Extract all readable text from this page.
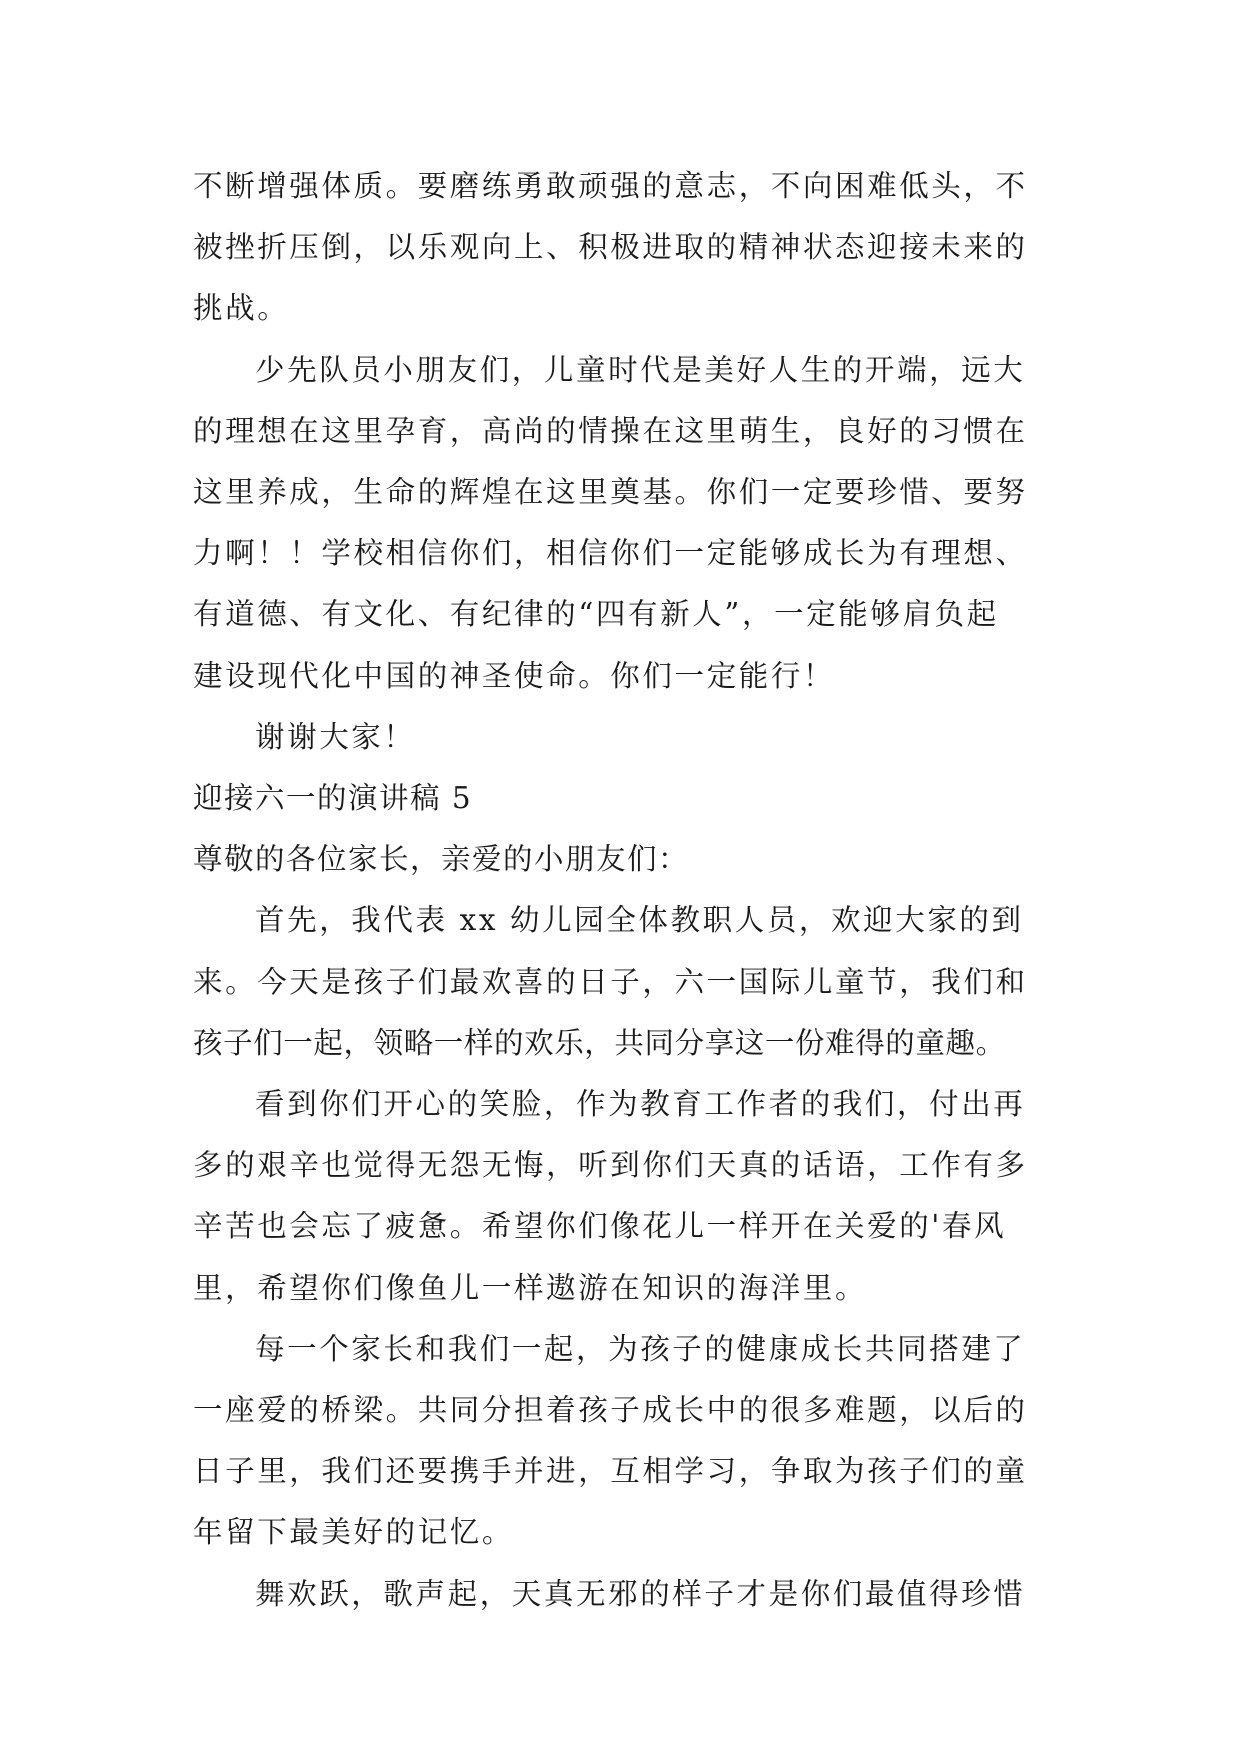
不断增强体质。要磨练勇敢顽强的意志，不向困难低头，不
被挫折压倒，以乐观向上、积极进取的精神状态迎接未来的
挑战。
少先队员小朋友们，儿童时代是美好人生的开端，远大
的理想在这里孕育，高尚的情操在这里萌生，良好的习惯在
这里养成，生命的辉煌在这里奠基。你们一定要珍惜、要努
力啊！！学校相信你们，相信你们一定能够成长为有理想、
有道德、有文化、有纪律的“四有新人”，一定能够肩负起
建设现代化中国的神圣使命。你们一定能行！
谢谢大家！
迎接六一的演讲稿 5
尊敬的各位家长，亲爱的小朋友们：
首先，我代表 xx 幼儿园全体教职人员，欢迎大家的到
来。今天是孩子们最欢喜的日子，六一国际儿童节，我们和
孩子们一起，领略一样的欢乐，共同分享这一份难得的童趣。
看到你们开心的笑脸，作为教育工作者的我们，付出再
多的艰辛也觉得无怨无悔，听到你们天真的话语，工作有多
辛苦也会忘了疲惫。希望你们像花儿一样开在关爱的'春风
里，希望你们像鱼儿一样遨游在知识的海洋里。
每一个家长和我们一起，为孩子的健康成长共同搭建了
一座爱的桥梁。共同分担着孩子成长中的很多难题，以后的
日子里，我们还要携手并进，互相学习，争取为孩子们的童
年留下最美好的记忆。
舞欢跃，歌声起，天真无邪的样子才是你们最值得珍惜
